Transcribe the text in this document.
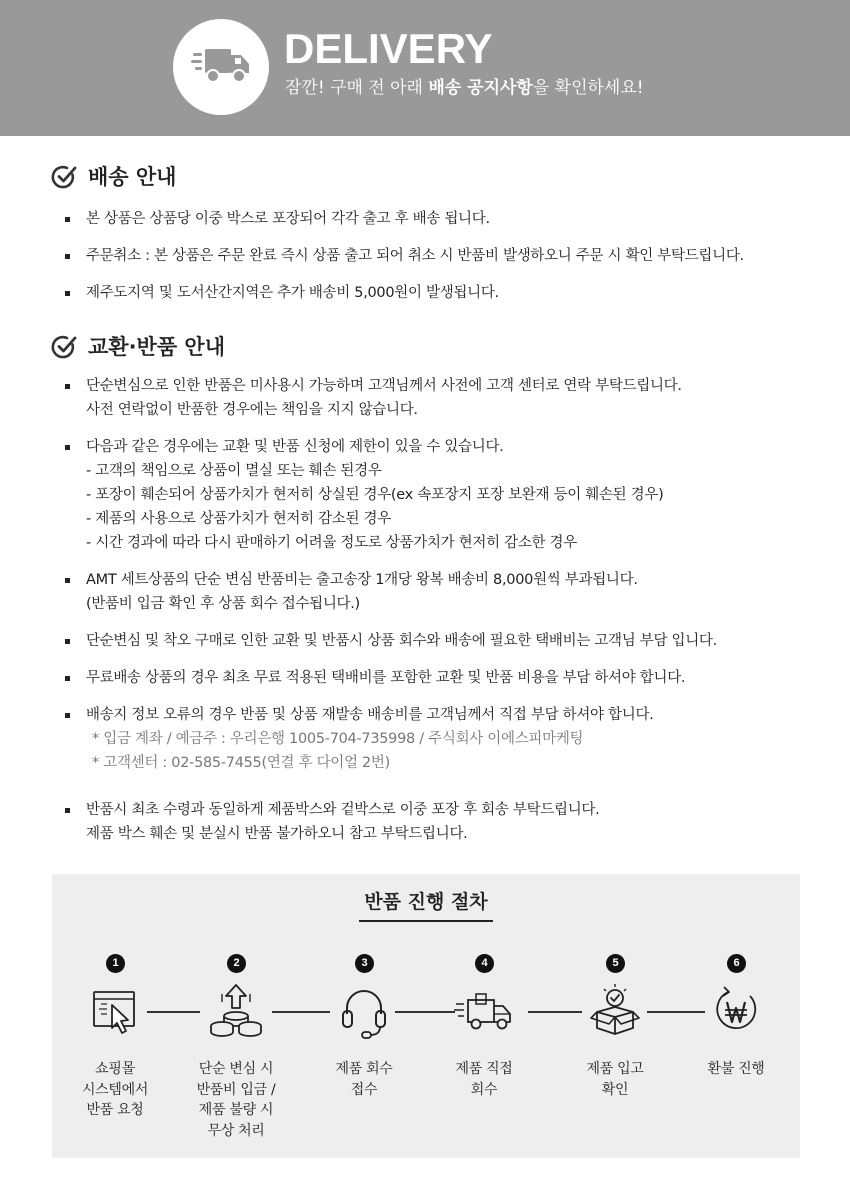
DELIVERY
잠깐! 구매 전 아래 배송 공지사항을 확인하세요!
배송 안내
본 상품은 상품당 이중 박스로 포장되어 각각 출고 후 배송 됩니다.
주문취소 : 본 상품은 주문 완료 즉시 상품 출고 되어 취소 시 반품비 발생하오니 주문 시 확인 부탁드립니다.
제주도지역 및 도서산간지역은 추가 배송비 5,000원이 발생됩니다.
교환·반품 안내
단순변심으로 인한 반품은 미사용시 가능하며 고객님께서 사전에 고객 센터로 연락 부탁드립니다.
사전 연락없이 반품한 경우에는 책임을 지지 않습니다.
다음과 같은 경우에는 교환 및 반품 신청에 제한이 있을 수 있습니다.
- 고객의 책임으로 상품이 멸실 또는 훼손 된경우
- 포장이 훼손되어 상품가치가 현저히 상실된 경우(ex 속포장지 포장 보완재 등이 훼손된 경우)
- 제품의 사용으로 상품가치가 현저히 감소된 경우
- 시간 경과에 따라 다시 판매하기 어려울 정도로 상품가치가 현저히 감소한 경우
AMT 세트상품의 단순 변심 반품비는 출고송장 1개당 왕복 배송비 8,000원씩 부과됩니다.
(반품비 입금 확인 후 상품 회수 접수됩니다.)
단순변심 및 착오 구매로 인한 교환 및 반품시 상품 회수와 배송에 필요한 택배비는 고객님 부담 입니다.
무료배송 상품의 경우 최초 무료 적용된 택배비를 포함한 교환 및 반품 비용을 부담 하셔야 합니다.
배송지 정보 오류의 경우 반품 및 상품 재발송 배송비를 고객님께서 직접 부담 하셔야 합니다.
* 입금 계좌 / 예금주 : 우리은행 1005-704-735998 / 주식회사 이에스피마케팅
* 고객센터 : 02-585-7455(연결 후 다이얼 2번)
반품시 최초 수령과 동일하게 제품박스와 겉박스로 이중 포장 후 회송 부탁드립니다.
제품 박스 훼손 및 분실시 반품 불가하오니 참고 부탁드립니다.
반품 진행 절차
1
쇼핑몰
시스템에서
반품 요청
2
단순 변심 시
반품비 입금 /
제품 불량 시
무상 처리
3
제품 회수
접수
4
제품 직접
회수
5
제품 입고
확인
6
환불 진행
